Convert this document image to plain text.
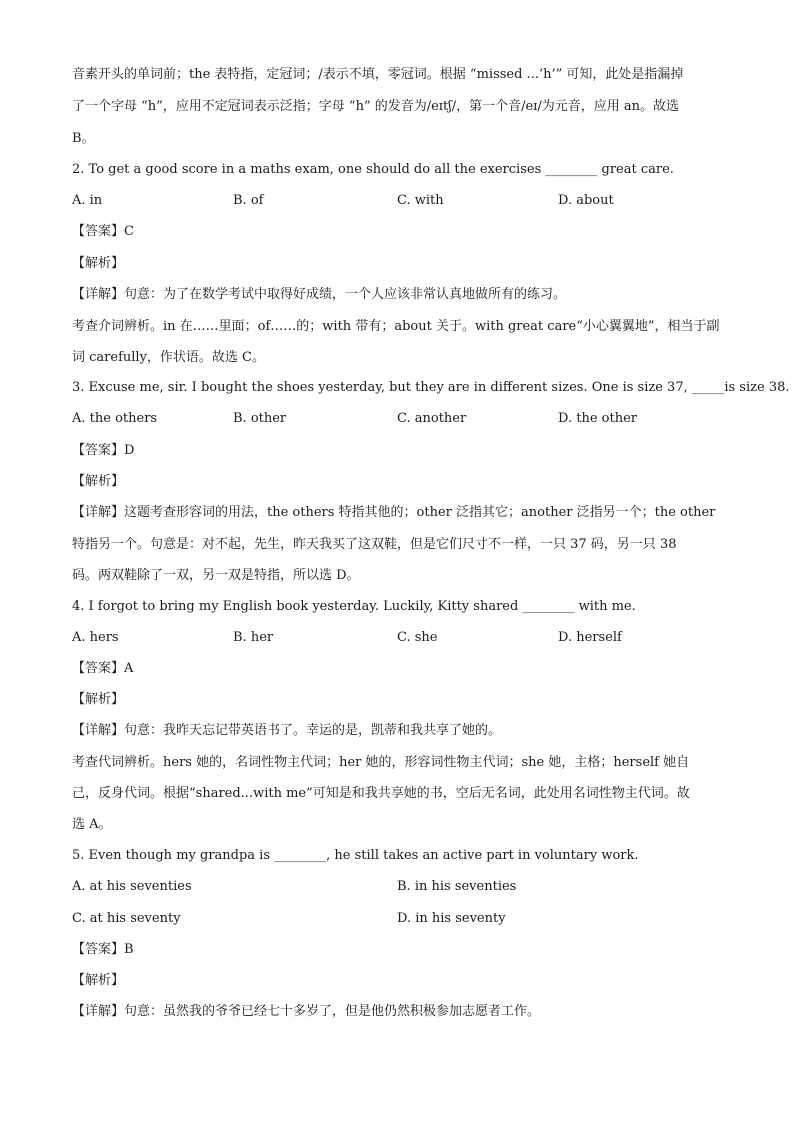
音素开头的单词前；the 表特指，定冠词；/表示不填，零冠词。根据 “missed ...‘h’” 可知，此处是指漏掉
了一个字母 “h”，应用不定冠词表示泛指；字母 “h” 的发音为/eɪtʃ/，第一个音/eɪ/为元音，应用 an。故选
B。
2. To get a good score in a maths exam, one should do all the exercises ________ great care.
A. in	B. of	C. with	D. about
【答案】C
【解析】
【详解】句意：为了在数学考试中取得好成绩，一个人应该非常认真地做所有的练习。
考查介词辨析。in 在……里面；of……的；with 带有；about 关于。with great care“小心翼翼地”，相当于副
词 carefully，作状语。故选 C。
3. Excuse me, sir. I bought the shoes yesterday, but they are in different sizes. One is size 37, _____is size 38.
A. the others	B. other	C. another	D. the other
【答案】D
【解析】
【详解】这题考查形容词的用法，the others 特指其他的；other 泛指其它；another 泛指另一个；the other
特指另一个。句意是：对不起，先生，昨天我买了这双鞋，但是它们尺寸不一样，一只 37 码，另一只 38
码。两双鞋除了一双，另一双是特指，所以选 D。
4. I forgot to bring my English book yesterday. Luckily, Kitty shared ________ with me.
A. hers	B. her	C. she	D. herself
【答案】A
【解析】
【详解】句意：我昨天忘记带英语书了。幸运的是，凯蒂和我共享了她的。
考查代词辨析。hers 她的，名词性物主代词；her 她的，形容词性物主代词；she 她，主格；herself 她自
己，反身代词。根据“shared...with me”可知是和我共享她的书，空后无名词，此处用名词性物主代词。故
选 A。
5. Even though my grandpa is ________, he still takes an active part in voluntary work.
A. at his seventies	B. in his seventies
C. at his seventy	D. in his seventy
【答案】B
【解析】
【详解】句意：虽然我的爷爷已经七十多岁了，但是他仍然积极参加志愿者工作。
